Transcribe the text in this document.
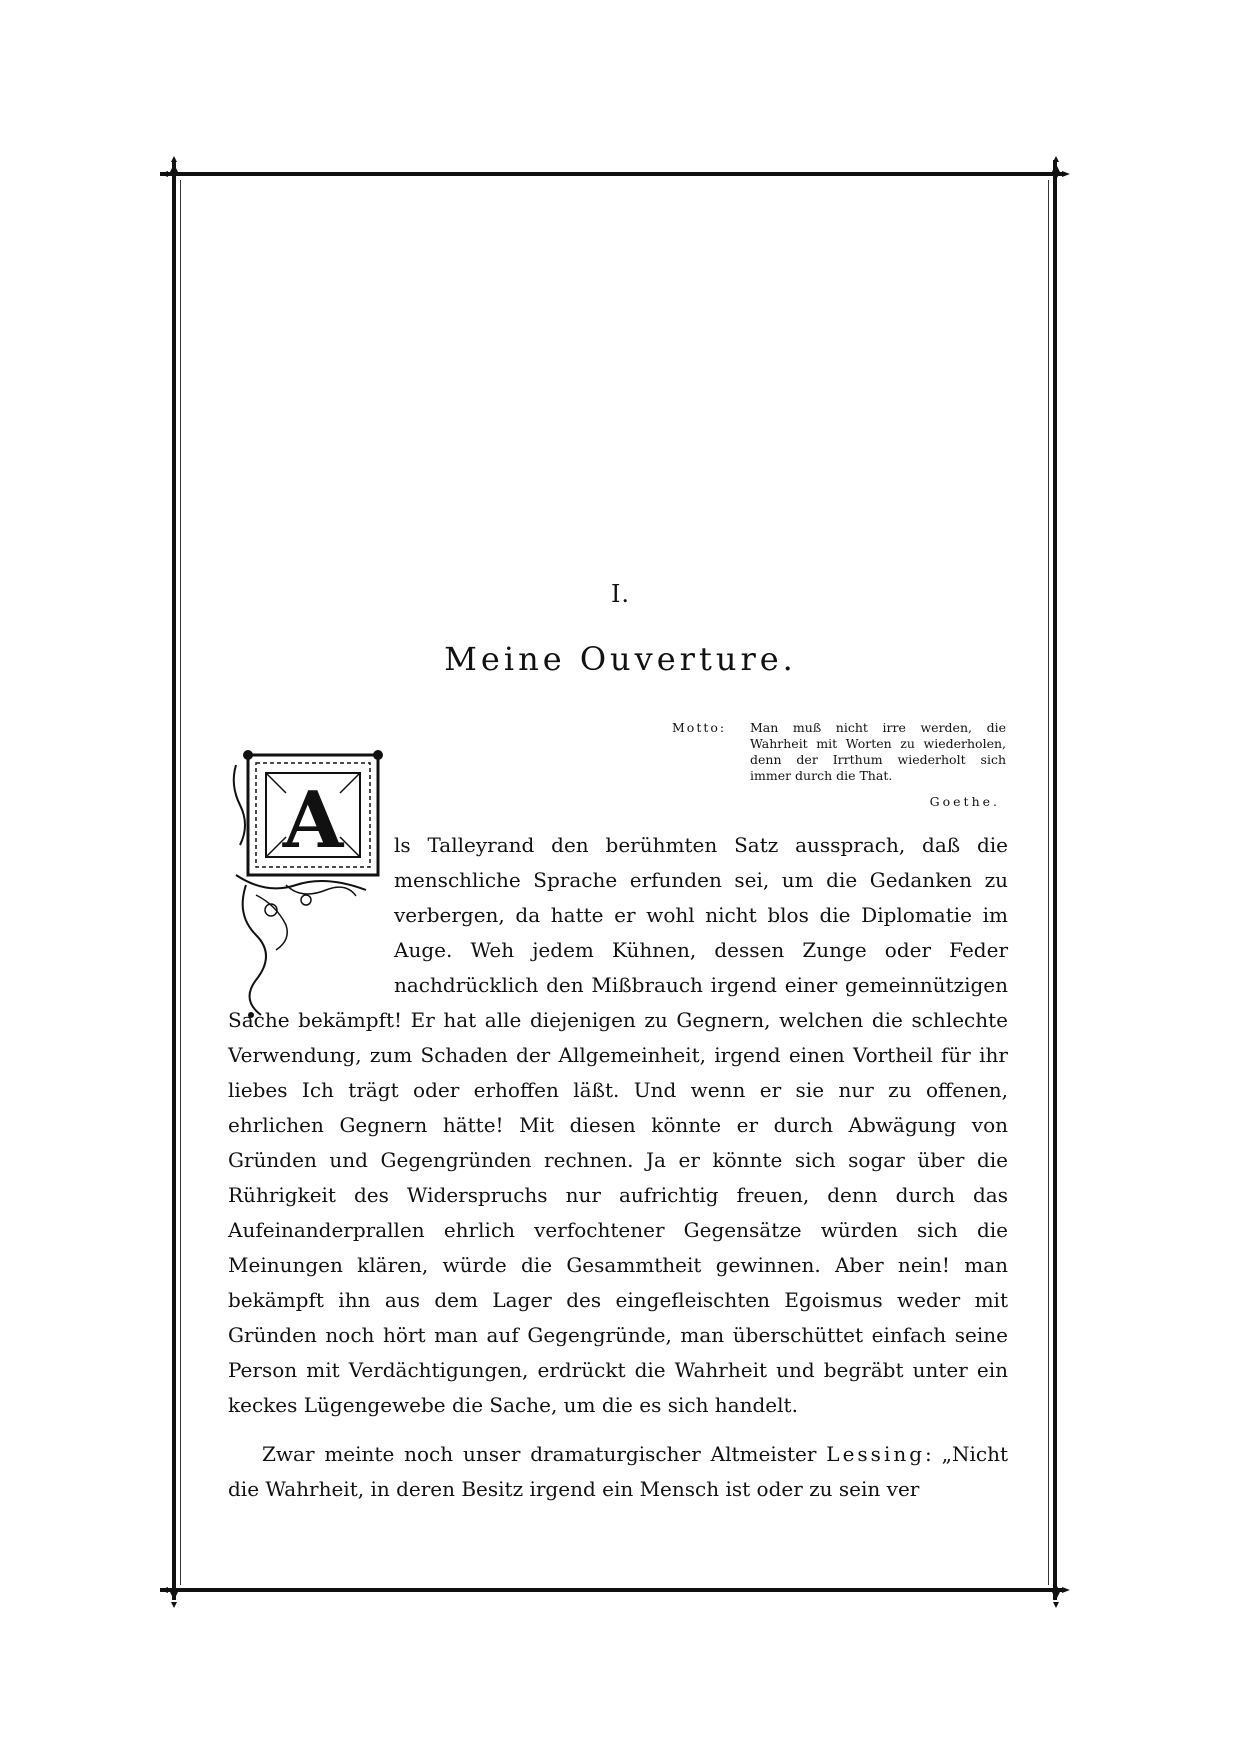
I.
Meine Ouverture.
Motto: Man muß nicht irre werden, die Wahrheit mit Worten zu wiederholen, denn der Irrthum wiederholt sich immer durch die That.
Goethe.
A	ls Talleyrand den berühmten Satz aussprach, daß die menschliche Sprache erfunden sei, um die Gedanken zu verbergen, da hatte er wohl nicht blos die Diplomatie im Auge. Weh jedem Kühnen, dessen Zunge oder Feder nachdrücklich den Mißbrauch irgend einer gemeinnützigen Sache bekämpft! Er hat alle diejenigen zu Gegnern, welchen die schlechte Verwendung, zum Schaden der Allgemeinheit, irgend einen Vortheil für ihr liebes Ich trägt oder erhoffen läßt. Und wenn er sie nur zu offenen, ehrlichen Gegnern hätte! Mit diesen könnte er durch Abwägung von Gründen und Gegengründen rechnen. Ja er könnte sich sogar über die Rührigkeit des Widerspruchs nur aufrichtig freuen, denn durch das Aufeinanderprallen ehrlich verfochtener Gegensätze würden sich die Meinungen klären, würde die Gesammtheit gewinnen. Aber nein! man bekämpft ihn aus dem Lager des eingefleischten Egoismus weder mit Gründen noch hört man auf Gegengründe, man überschüttet einfach seine Person mit Verdächtigungen, erdrückt die Wahrheit und begräbt unter ein keckes Lügengewebe die Sache, um die es sich handelt.

Zwar meinte noch unser dramaturgischer Altmeister Lessing: „Nicht die Wahrheit, in deren Besitz irgend ein Mensch ist oder zu sein ver
